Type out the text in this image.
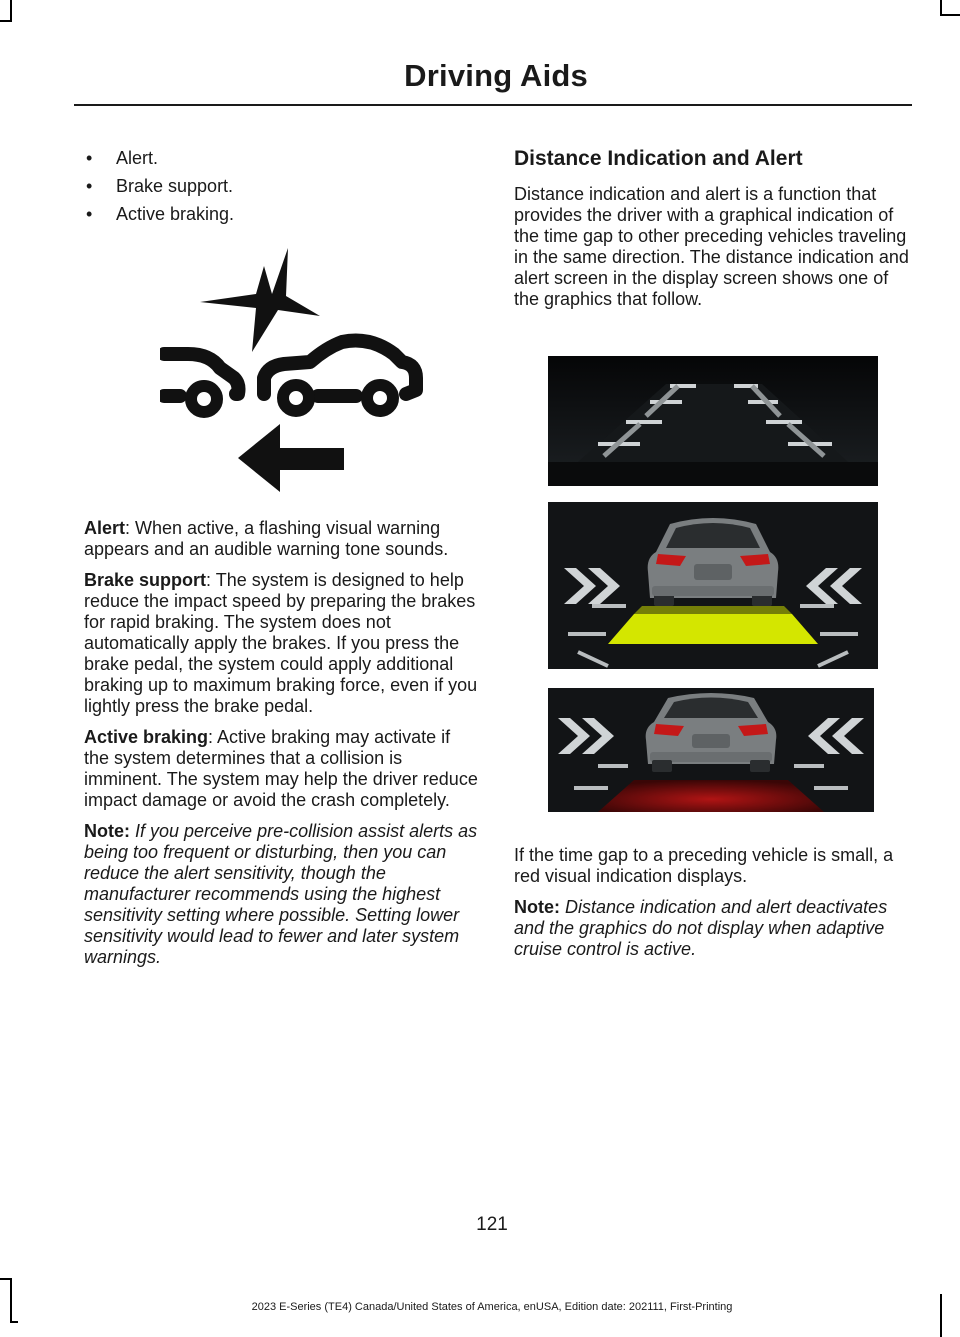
Driving Aids
• Alert.
• Brake support.
• Active braking.

Alert: When active, a flashing visual warning appears and an audible warning tone sounds.

Brake support: The system is designed to help reduce the impact speed by preparing the brakes for rapid braking. The system does not automatically apply the brakes. If you press the brake pedal, the system could apply additional braking up to maximum braking force, even if you lightly press the brake pedal.

Active braking: Active braking may activate if the system determines that a collision is imminent. The system may help the driver reduce impact damage or avoid the crash completely.

Note: If you perceive pre-collision assist alerts as being too frequent or disturbing, then you can reduce the alert sensitivity, though the manufacturer recommends using the highest sensitivity setting where possible. Setting lower sensitivity would lead to fewer and later system warnings.

Distance Indication and Alert

Distance indication and alert is a function that provides the driver with a graphical indication of the time gap to other preceding vehicles traveling in the same direction. The distance indication and alert screen in the display screen shows one of the graphics that follow.

If the time gap to a preceding vehicle is small, a red visual indication displays.

Note: Distance indication and alert deactivates and the graphics do not display when adaptive cruise control is active.

121
2023 E-Series (TE4) Canada/United States of America, enUSA, Edition date: 202111, First-Printing
